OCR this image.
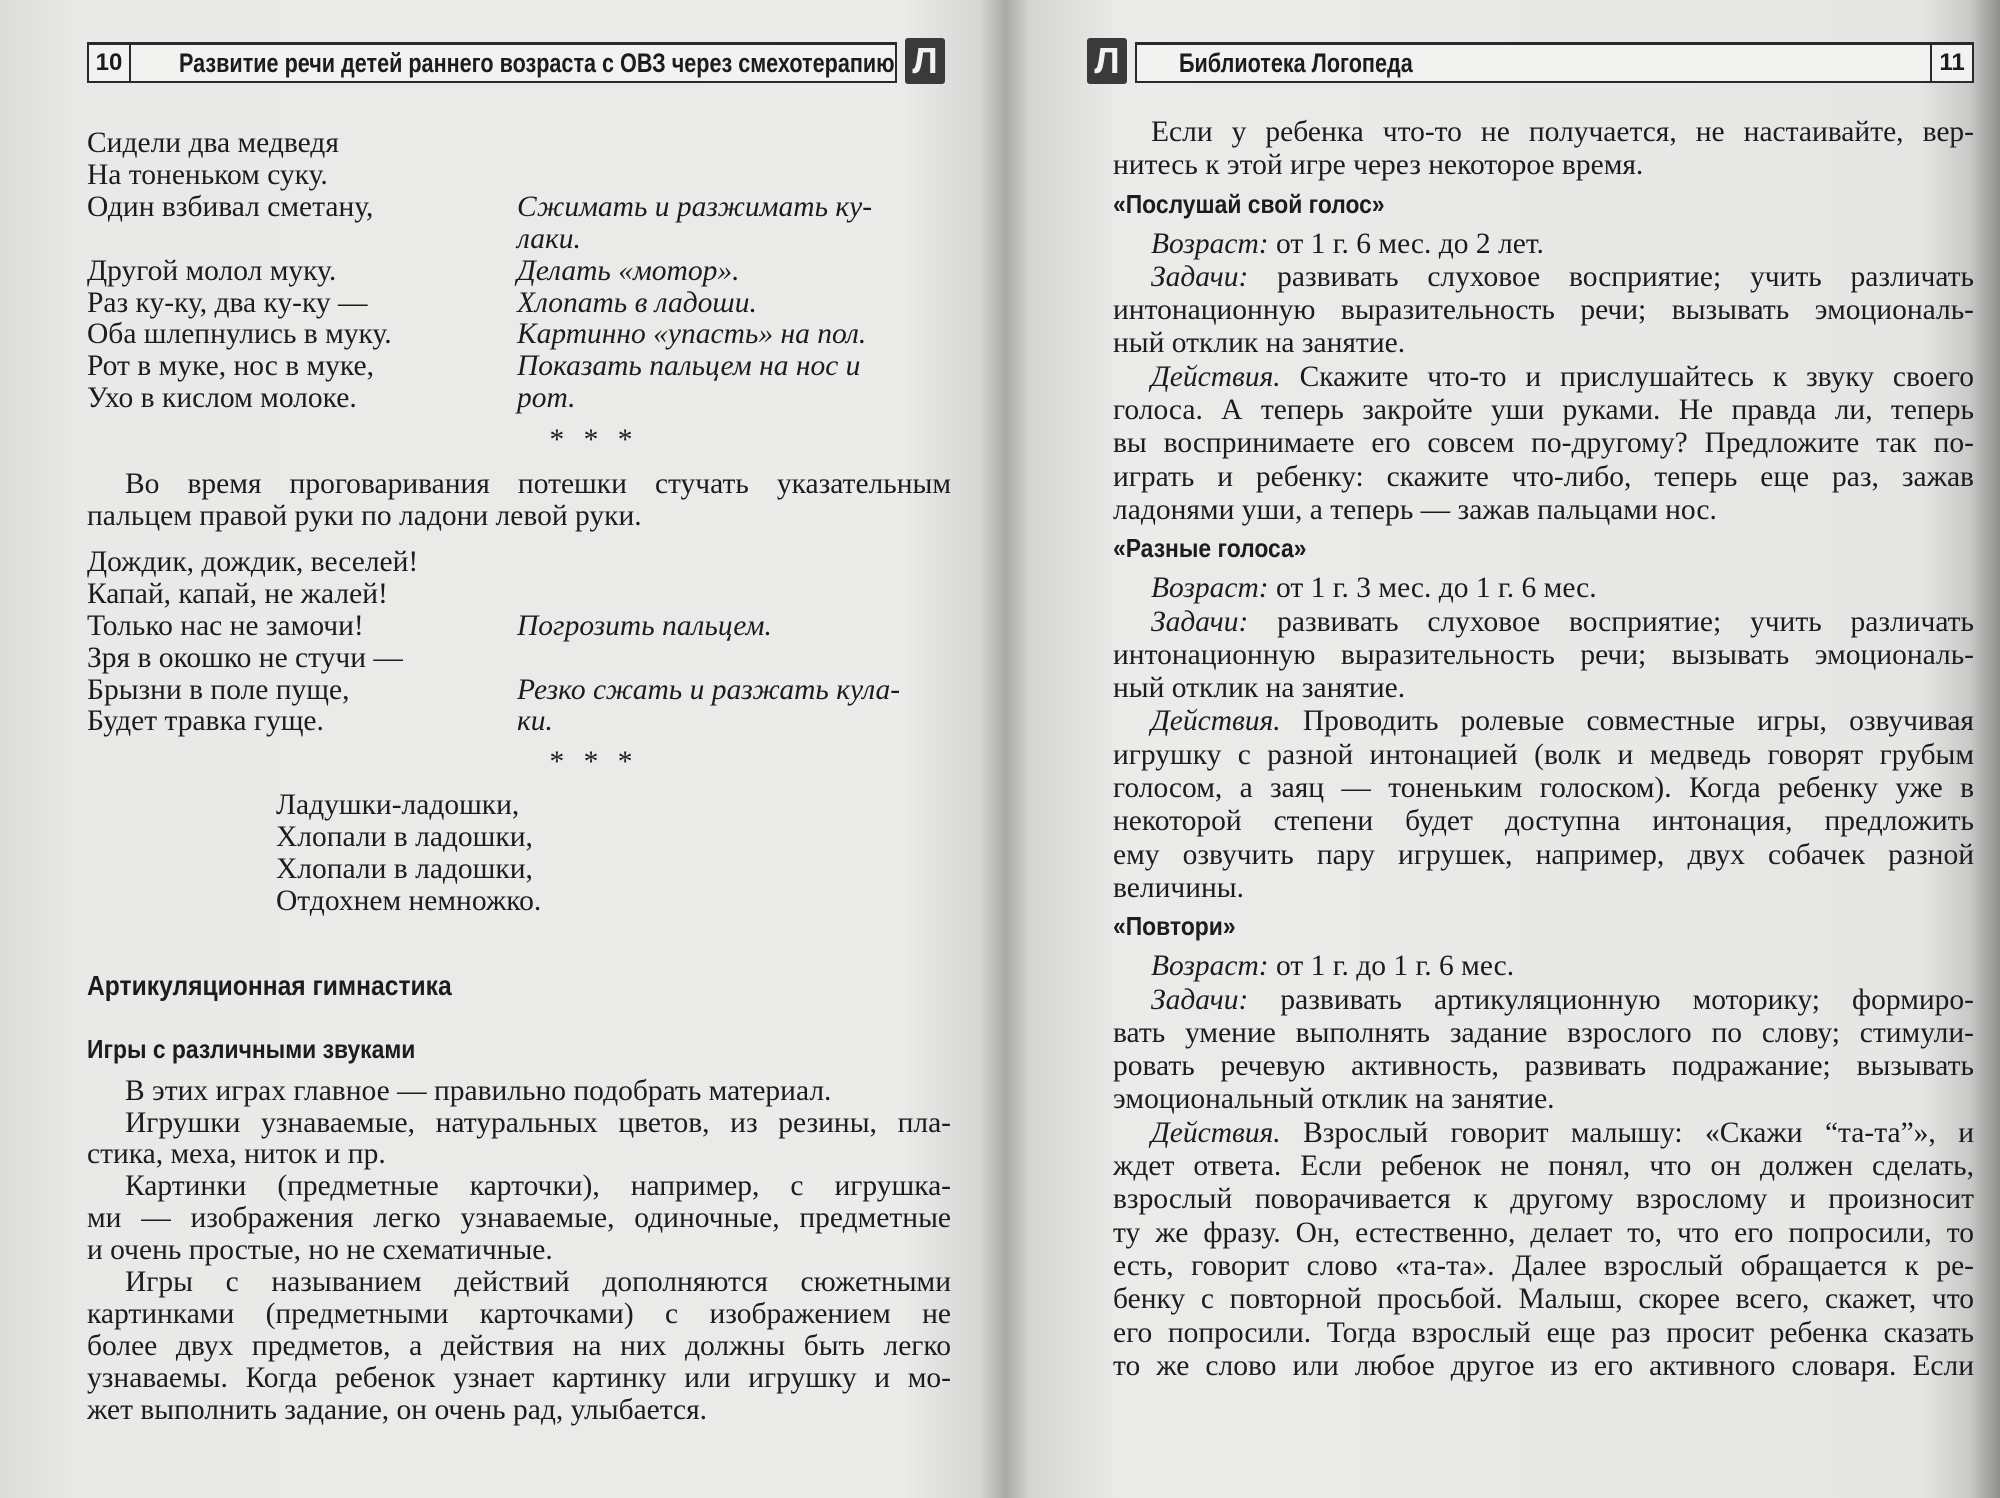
10	Развитие речи детей раннего возраста с ОВЗ через смехотерапию Л	Л Библиотека Логопеда	11
Сидели два медведя
На тоненьком суку.
Один взбивал сметану,	Сжимать и разжимать ку-
лаки.
Другой молол муку.	Делать «мотор».
Раз ку-ку, два ку-ку —	Хлопать в ладоши.
Оба шлепнулись в муку.	Картинно «упасть» на пол.
Рот в муке, нос в муке,	Показать пальцем на нос и
Ухо в кислом молоке.	рот.
* * *
Во время проговаривания потешки стучать указательным
пальцем правой руки по ладони левой руки.
Дождик, дождик, веселей!
Капай, капай, не жалей!
Только нас не замочи!	Погрозить пальцем.
Зря в окошко не стучи —
Брызни в поле пуще,	Резко сжать и разжать кула-
Будет травка гуще.	ки.
* * *
Ладушки-ладошки,
Хлопали в ладошки,
Хлопали в ладошки,
Отдохнем немножко.
Артикуляционная гимнастика
Игры с различными звуками
В этих играх главное — правильно подобрать материал.
Игрушки узнаваемые, натуральных цветов, из резины, пла-
стика, меха, ниток и пр.
Картинки (предметные карточки), например, с игрушка-
ми — изображения легко узнаваемые, одиночные, предметные
и очень простые, но не схематичные.
Игры с называнием действий дополняются сюжетными
картинками (предметными карточками) с изображением не
более двух предметов, а действия на них должны быть легко
узнаваемы. Когда ребенок узнает картинку или игрушку и мо-
жет выполнить задание, он очень рад, улыбается.
Если у ребенка что-то не получается, не настаивайте, вер-
нитесь к этой игре через некоторое время.
«Послушай свой голос»
Возраст: от 1 г. 6 мес. до 2 лет.
Задачи: развивать слуховое восприятие; учить различать
интонационную выразительность речи; вызывать эмоциональ-
ный отклик на занятие.
Действия. Скажите что-то и прислушайтесь к звуку своего
голоса. А теперь закройте уши руками. Не правда ли, теперь
вы воспринимаете его совсем по-другому? Предложите так по-
играть и ребенку: скажите что-либо, теперь еще раз, зажав
ладонями уши, а теперь — зажав пальцами нос.
«Разные голоса»
Возраст: от 1 г. 3 мес. до 1 г. 6 мес.
Задачи: развивать слуховое восприятие; учить различать
интонационную выразительность речи; вызывать эмоциональ-
ный отклик на занятие.
Действия. Проводить ролевые совместные игры, озвучивая
игрушку с разной интонацией (волк и медведь говорят грубым
голосом, а заяц — тоненьким голоском). Когда ребенку уже в
некоторой степени будет доступна интонация, предложить
ему озвучить пару игрушек, например, двух собачек разной
величины.
«Повтори»
Возраст: от 1 г. до 1 г. 6 мес.
Задачи: развивать артикуляционную моторику; формиро-
вать умение выполнять задание взрослого по слову; стимули-
ровать речевую активность, развивать подражание; вызывать
эмоциональный отклик на занятие.
Действия. Взрослый говорит малышу: «Скажи “та-та”», и
ждет ответа. Если ребенок не понял, что он должен сделать,
взрослый поворачивается к другому взрослому и произносит
ту же фразу. Он, естественно, делает то, что его попросили, то
есть, говорит слово «та-та». Далее взрослый обращается к ре-
бенку с повторной просьбой. Малыш, скорее всего, скажет, что
его попросили. Тогда взрослый еще раз просит ребенка сказать
то же слово или любое другое из его активного словаря. Если
